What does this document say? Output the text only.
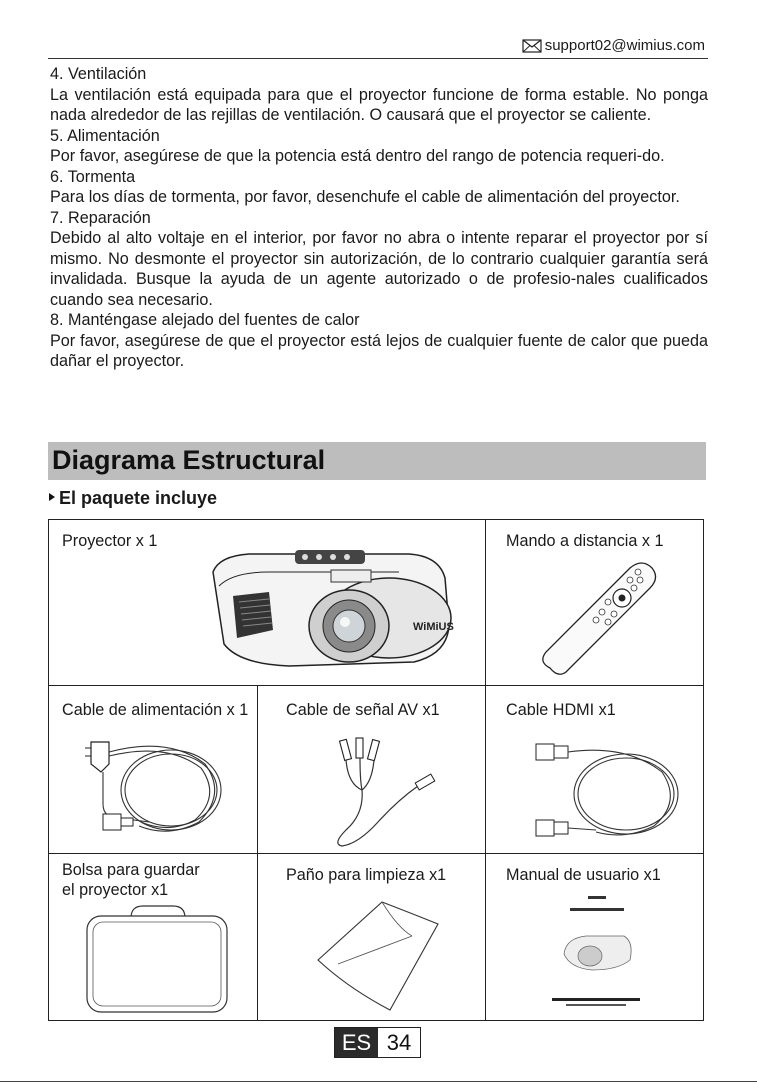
support02@wimius.com

4. Ventilación

La ventilación está equipada para que el proyector funcione de forma estable. No ponga nada alrededor de las rejillas de ventilación. O causará que el proyector se caliente.

5. Alimentación

Por favor, asegúrese de que la potencia está dentro del rango de potencia requeri-do.

6. Tormenta

Para los días de tormenta, por favor, desenchufe el cable de alimentación del proyector.

7. Reparación

Debido al alto voltaje en el interior, por favor no abra o intente reparar el proyector por sí mismo. No desmonte el proyector sin autorización, de lo contrario cualquier garantía será invalidada. Busque la ayuda de un agente autorizado o de profesio-nales cualificados cuando sea necesario.

8. Manténgase alejado del fuentes de calor

Por favor, asegúrese de que el proyector está lejos de cualquier fuente de calor que pueda dañar el proyector.

Diagrama Estructural
El paquete incluye
Proyector x 1
WiMiUS
Mando a distancia x 1
Cable de alimentación x 1 Cable de señal AV x1	Cable HDMI x1
Bolsa para guardar
el proyector x1
Paño para limpieza x1	Manual de usuario x1
ES 34
